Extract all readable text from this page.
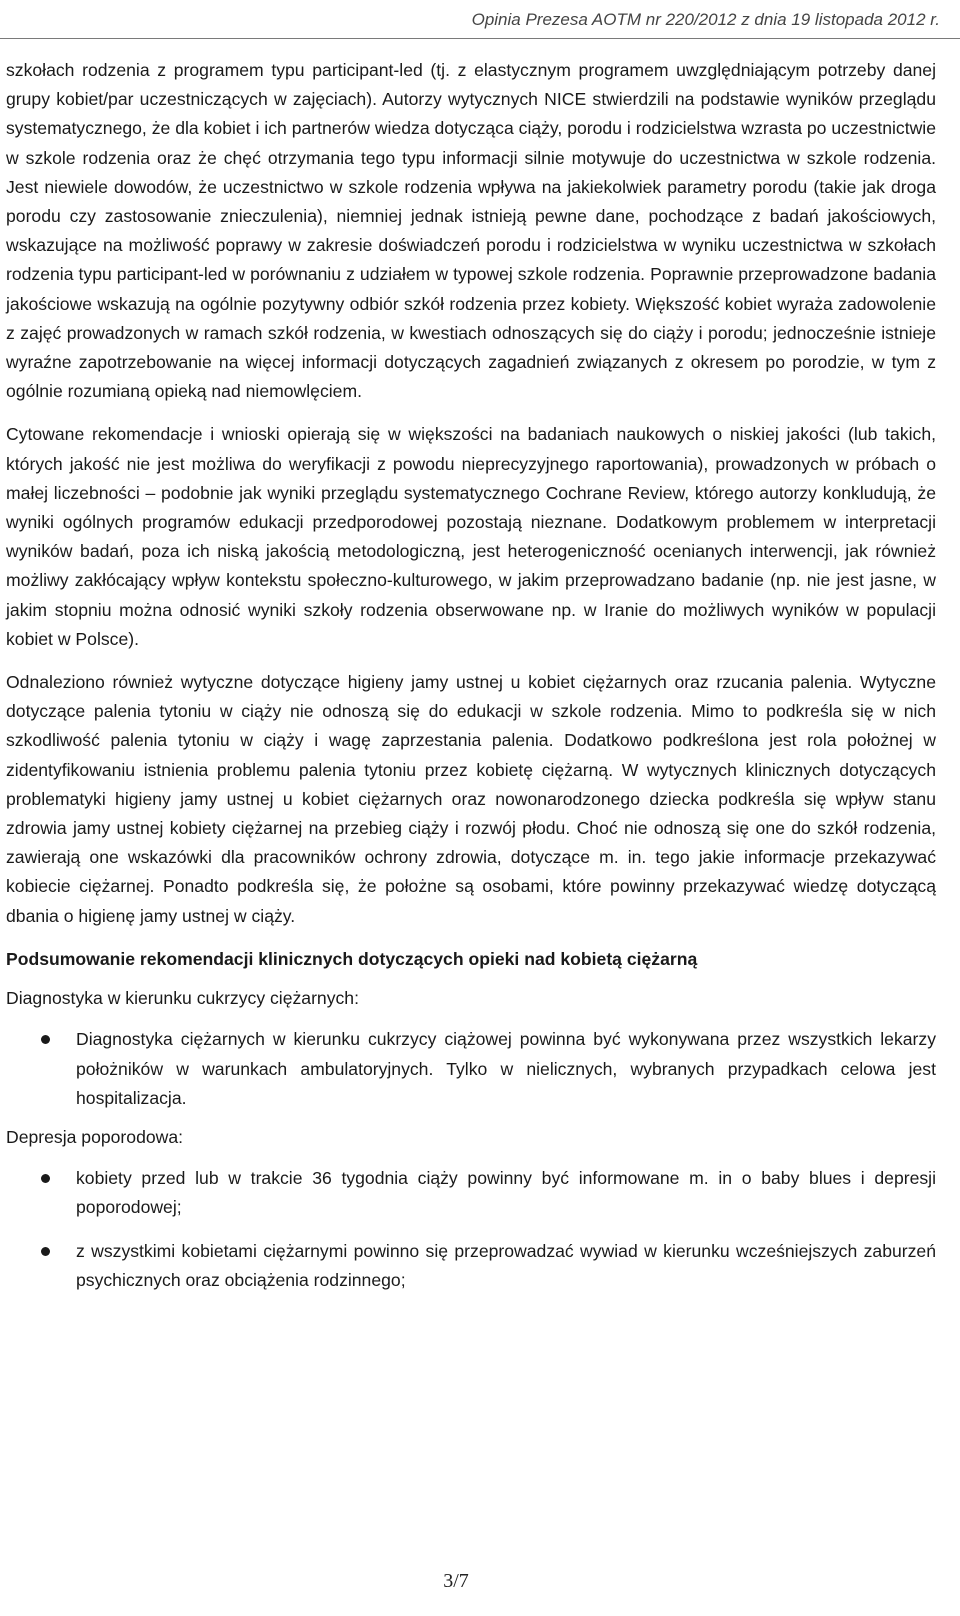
Opinia Prezesa AOTM nr 220/2012 z dnia 19 listopada 2012 r.

szkołach rodzenia z programem typu participant-led (tj. z elastycznym programem uwzględniającym potrzeby danej grupy kobiet/par uczestniczących w zajęciach). Autorzy wytycznych NICE stwierdzili na podstawie wyników przeglądu systematycznego, że dla kobiet i ich partnerów wiedza dotycząca ciąży, porodu i rodzicielstwa wzrasta po uczestnictwie w szkole rodzenia oraz że chęć otrzymania tego typu informacji silnie motywuje do uczestnictwa w szkole rodzenia. Jest niewiele dowodów, że uczestnictwo w szkole rodzenia wpływa na jakiekolwiek parametry porodu (takie jak droga porodu czy zastosowanie znieczulenia), niemniej jednak istnieją pewne dane, pochodzące z badań jakościowych, wskazujące na możliwość poprawy w zakresie doświadczeń porodu i rodzicielstwa w wyniku uczestnictwa w szkołach rodzenia typu participant-led w porównaniu z udziałem w typowej szkole rodzenia. Poprawnie przeprowadzone badania jakościowe wskazują na ogólnie pozytywny odbiór szkół rodzenia przez kobiety. Większość kobiet wyraża zadowolenie z zajęć prowadzonych w ramach szkół rodzenia, w kwestiach odnoszących się do ciąży i porodu; jednocześnie istnieje wyraźne zapotrzebowanie na więcej informacji dotyczących zagadnień związanych z okresem po porodzie, w tym z ogólnie rozumianą opieką nad niemowlęciem.

Cytowane rekomendacje i wnioski opierają się w większości na badaniach naukowych o niskiej jakości (lub takich, których jakość nie jest możliwa do weryfikacji z powodu nieprecyzyjnego raportowania), prowadzonych w próbach o małej liczebności – podobnie jak wyniki przeglądu systematycznego Cochrane Review, którego autorzy konkludują, że wyniki ogólnych programów edukacji przedporodowej pozostają nieznane. Dodatkowym problemem w interpretacji wyników badań, poza ich niską jakością metodologiczną, jest heterogeniczność ocenianych interwencji, jak również możliwy zakłócający wpływ kontekstu społeczno-kulturowego, w jakim przeprowadzano badanie (np. nie jest jasne, w jakim stopniu można odnosić wyniki szkoły rodzenia obserwowane np. w Iranie do możliwych wyników w populacji kobiet w Polsce).

Odnaleziono również wytyczne dotyczące higieny jamy ustnej u kobiet ciężarnych oraz rzucania palenia. Wytyczne dotyczące palenia tytoniu w ciąży nie odnoszą się do edukacji w szkole rodzenia. Mimo to podkreśla się w nich szkodliwość palenia tytoniu w ciąży i wagę zaprzestania palenia. Dodatkowo podkreślona jest rola położnej w zidentyfikowaniu istnienia problemu palenia tytoniu przez kobietę ciężarną. W wytycznych klinicznych dotyczących problematyki higieny jamy ustnej u kobiet ciężarnych oraz nowonarodzonego dziecka podkreśla się wpływ stanu zdrowia jamy ustnej kobiety ciężarnej na przebieg ciąży i rozwój płodu. Choć nie odnoszą się one do szkół rodzenia, zawierają one wskazówki dla pracowników ochrony zdrowia, dotyczące m. in. tego jakie informacje przekazywać kobiecie ciężarnej. Ponadto podkreśla się, że położne są osobami, które powinny przekazywać wiedzę dotyczącą dbania o higienę jamy ustnej w ciąży.

Podsumowanie rekomendacji klinicznych dotyczących opieki nad kobietą ciężarną
Diagnostyka w kierunku cukrzycy ciężarnych:
Diagnostyka ciężarnych w kierunku cukrzycy ciążowej powinna być wykonywana przez wszystkich lekarzy położników w warunkach ambulatoryjnych. Tylko w nielicznych, wybranych przypadkach celowa jest hospitalizacja.
Depresja poporodowa:
kobiety przed lub w trakcie 36 tygodnia ciąży powinny być informowane m. in o baby blues i depresji poporodowej;
z wszystkimi kobietami ciężarnymi powinno się przeprowadzać wywiad w kierunku wcześniejszych zaburzeń psychicznych oraz obciążenia rodzinnego;
3/7
